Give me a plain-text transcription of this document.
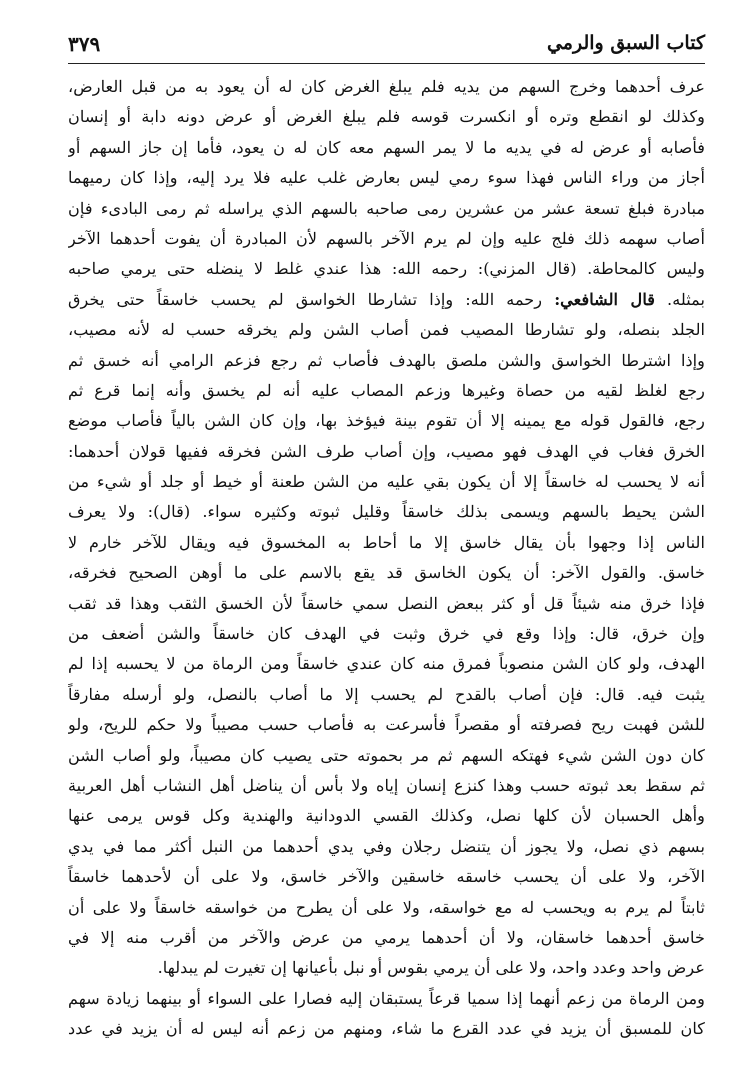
كتاب السبق والرمي
٣٧٩
عرف أحدهما وخرج السهم من يديه فلم يبلغ الغرض كان له أن يعود به من قبل العارض،
وكذلك لو انقطع وتره أو انكسرت قوسه فلم يبلغ الغرض أو عرض دونه دابة أو إنسان
فأصابه أو عرض له في يديه ما لا يمر السهم معه كان له ن يعود، فأما إن جاز السهم أو
أجاز من وراء الناس فهذا سوء رمي ليس بعارض غلب عليه فلا يرد إليه، وإذا كان رميهما
مبادرة فبلغ تسعة عشر من عشرين رمى صاحبه بالسهم الذي يراسله ثم رمى البادىء فإن
أصاب سهمه ذلك فلج عليه وإن لم يرم الآخر بالسهم لأن المبادرة أن يفوت أحدهما الآخر
وليس كالمحاطة. (قال المزني): رحمه الله: هذا عندي غلط لا ينضله حتى يرمي صاحبه
بمثله. قال الشافعي: رحمه الله: وإذا تشارطا الخواسق لم يحسب خاسقاً حتى يخرق
الجلد بنصله، ولو تشارطا المصيب فمن أصاب الشن ولم يخرقه حسب له لأنه مصيب،
وإذا اشترطا الخواسق والشن ملصق بالهدف فأصاب ثم رجع فزعم الرامي أنه خسق ثم
رجع لغلظ لقيه من حصاة وغيرها وزعم المصاب عليه أنه لم يخسق وأنه إنما قرع ثم
رجع، فالقول قوله مع يمينه إلا أن تقوم بينة فيؤخذ بها، وإن كان الشن بالياً فأصاب موضع
الخرق فغاب في الهدف فهو مصيب، وإن أصاب طرف الشن فخرقه ففيها قولان أحدهما:
أنه لا يحسب له خاسقاً إلا أن يكون بقي عليه من الشن طعنة أو خيط أو جلد أو شيء من
الشن يحيط بالسهم ويسمى بذلك خاسقاً وقليل ثبوته وكثيره سواء. (قال): ولا يعرف
الناس إذا وجهوا بأن يقال خاسق إلا ما أحاط به المخسوق فيه ويقال للآخر خارم لا
خاسق. والقول الآخر: أن يكون الخاسق قد يقع بالاسم على ما أوهن الصحيح فخرقه،
فإذا خرق منه شيئاً قل أو كثر ببعض النصل سمي خاسقاً لأن الخسق الثقب وهذا قد ثقب
وإن خرق، قال: وإذا وقع في خرق وثبت في الهدف كان خاسقاً والشن أضعف من
الهدف، ولو كان الشن منصوباً فمرق منه كان عندي خاسقاً ومن الرماة من لا يحسبه إذا لم
يثبت فيه. قال: فإن أصاب بالقدح لم يحسب إلا ما أصاب بالنصل، ولو أرسله مفارقاً
للشن فهبت ريح فصرفته أو مقصراً فأسرعت به فأصاب حسب مصيباً ولا حكم للريح، ولو
كان دون الشن شيء فهتكه السهم ثم مر بحموته حتى يصيب كان مصيباً، ولو أصاب الشن
ثم سقط بعد ثبوته حسب وهذا كنزع إنسان إياه ولا بأس أن يناضل أهل النشاب أهل العربية
وأهل الحسبان لأن كلها نصل، وكذلك القسي الدودانية والهندية وكل قوس يرمى عنها
بسهم ذي نصل، ولا يجوز أن يتنضل رجلان وفي يدي أحدهما من النبل أكثر مما في يدي
الآخر، ولا على أن يحسب خاسقه خاسقين والآخر خاسق، ولا على أن لأحدهما خاسقاً
ثابتاً لم يرم به ويحسب له مع خواسقه، ولا على أن يطرح من خواسقه خاسقاً ولا على أن
خاسق أحدهما خاسقان، ولا أن أحدهما يرمي من عرض والآخر من أقرب منه إلا في
عرض واحد وعدد واحد، ولا على أن يرمي بقوس أو نبل بأعيانها إن تغيرت لم يبدلها.
ومن الرماة من زعم أنهما إذا سميا قرعاً يستبقان إليه فصارا على السواء أو بينهما زيادة سهم
كان للمسبق أن يزيد في عدد القرع ما شاء، ومنهم من زعم أنه ليس له أن يزيد في عدد
